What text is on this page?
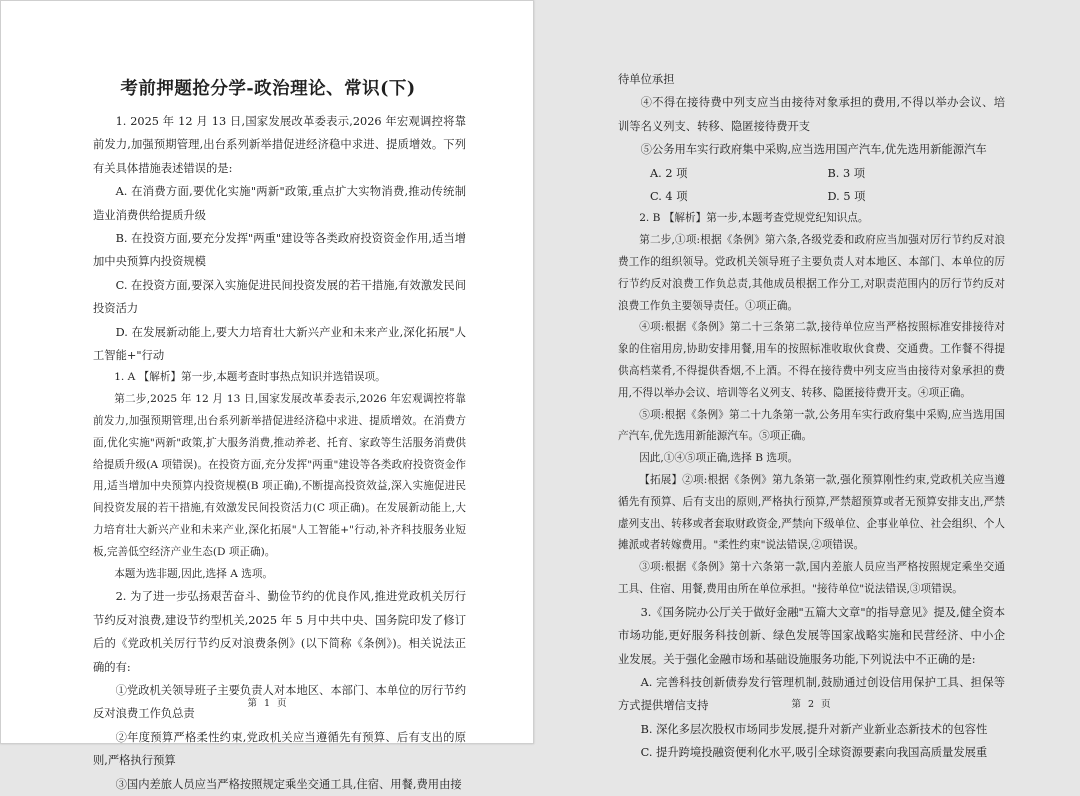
考前押题抢分学-政治理论、常识(下)
第 1 页

1. 2025 年 12 月 13 日,国家发展改革委表示,2026 年宏观调控将靠前发力,加强预期管理,出台系列新举措促进经济稳中求进、提质增效。下列有关具体措施表述错误的是:

A. 在消费方面,要优化实施"两新"政策,重点扩大实物消费,推动传统制造业消费供给提质升级

B. 在投资方面,要充分发挥"两重"建设等各类政府投资资金作用,适当增加中央预算内投资规模

C. 在投资方面,要深入实施促进民间投资发展的若干措施,有效激发民间投资活力

D. 在发展新动能上,要大力培育壮大新兴产业和未来产业,深化拓展"人工智能+"行动

1. A 【解析】第一步,本题考查时事热点知识并选错误项。

第二步,2025 年 12 月 13 日,国家发展改革委表示,2026 年宏观调控将靠前发力,加强预期管理,出台系列新举措促进经济稳中求进、提质增效。在消费方面,优化实施"两新"政策,扩大服务消费,推动养老、托育、家政等生活服务消费供给提质升级(A 项错误)。在投资方面,充分发挥"两重"建设等各类政府投资资金作用,适当增加中央预算内投资规模(B 项正确),不断提高投资效益,深入实施促进民间投资发展的若干措施,有效激发民间投资活力(C 项正确)。在发展新动能上,大力培育壮大新兴产业和未来产业,深化拓展"人工智能+"行动,补齐科技服务业短板,完善低空经济产业生态(D 项正确)。

本题为选非题,因此,选择 A 选项。

2. 为了进一步弘扬艰苦奋斗、勤俭节约的优良作风,推进党政机关厉行节约反对浪费,建设节约型机关,2025 年 5 月中共中央、国务院印发了修订后的《党政机关厉行节约反对浪费条例》(以下简称《条例》)。相关说法正确的有:

①党政机关领导班子主要负责人对本地区、本部门、本单位的厉行节约反对浪费工作负总责

②年度预算严格柔性约束,党政机关应当遵循先有预算、后有支出的原则,严格执行预算

③国内差旅人员应当严格按照规定乘坐交通工具,住宿、用餐,费用由接

待单位承担

④不得在接待费中列支应当由接待对象承担的费用,不得以举办会议、培训等名义列支、转移、隐匿接待费开支

⑤公务用车实行政府集中采购,应当选用国产汽车,优先选用新能源汽车

A. 2 项	B. 3 项
C. 4 项	D. 5 项

2. B 【解析】第一步,本题考查党规党纪知识点。

第二步,①项:根据《条例》第六条,各级党委和政府应当加强对厉行节约反对浪费工作的组织领导。党政机关领导班子主要负责人对本地区、本部门、本单位的厉行节约反对浪费工作负总责,其他成员根据工作分工,对职责范围内的厉行节约反对浪费工作负主要领导责任。①项正确。

④项:根据《条例》第二十三条第二款,接待单位应当严格按照标准安排接待对象的住宿用房,协助安排用餐,用车的按照标准收取伙食费、交通费。工作餐不得提供高档菜肴,不得提供香烟,不上酒。不得在接待费中列支应当由接待对象承担的费用,不得以举办会议、培训等名义列支、转移、隐匿接待费开支。④项正确。

⑤项:根据《条例》第二十九条第一款,公务用车实行政府集中采购,应当选用国产汽车,优先选用新能源汽车。⑤项正确。

因此,①④⑤项正确,选择 B 选项。

【拓展】②项:根据《条例》第九条第一款,强化预算刚性约束,党政机关应当遵循先有预算、后有支出的原则,严格执行预算,严禁超预算或者无预算安排支出,严禁虚列支出、转移或者套取财政资金,严禁向下级单位、企事业单位、社会组织、个人摊派或者转嫁费用。"柔性约束"说法错误,②项错误。

③项:根据《条例》第十六条第一款,国内差旅人员应当严格按照规定乘坐交通工具、住宿、用餐,费用由所在单位承担。"接待单位"说法错误,③项错误。

3.《国务院办公厅关于做好金融"五篇大文章"的指导意见》提及,健全资本市场功能,更好服务科技创新、绿色发展等国家战略实施和民营经济、中小企业发展。关于强化金融市场和基础设施服务功能,下列说法中不正确的是:

A. 完善科技创新债券发行管理机制,鼓励通过创设信用保护工具、担保等方式提供增信支持

B. 深化多层次股权市场同步发展,提升对新产业新业态新技术的包容性

C. 提升跨境投融资便利化水平,吸引全球资源要素向我国高质量发展重

第 2 页
